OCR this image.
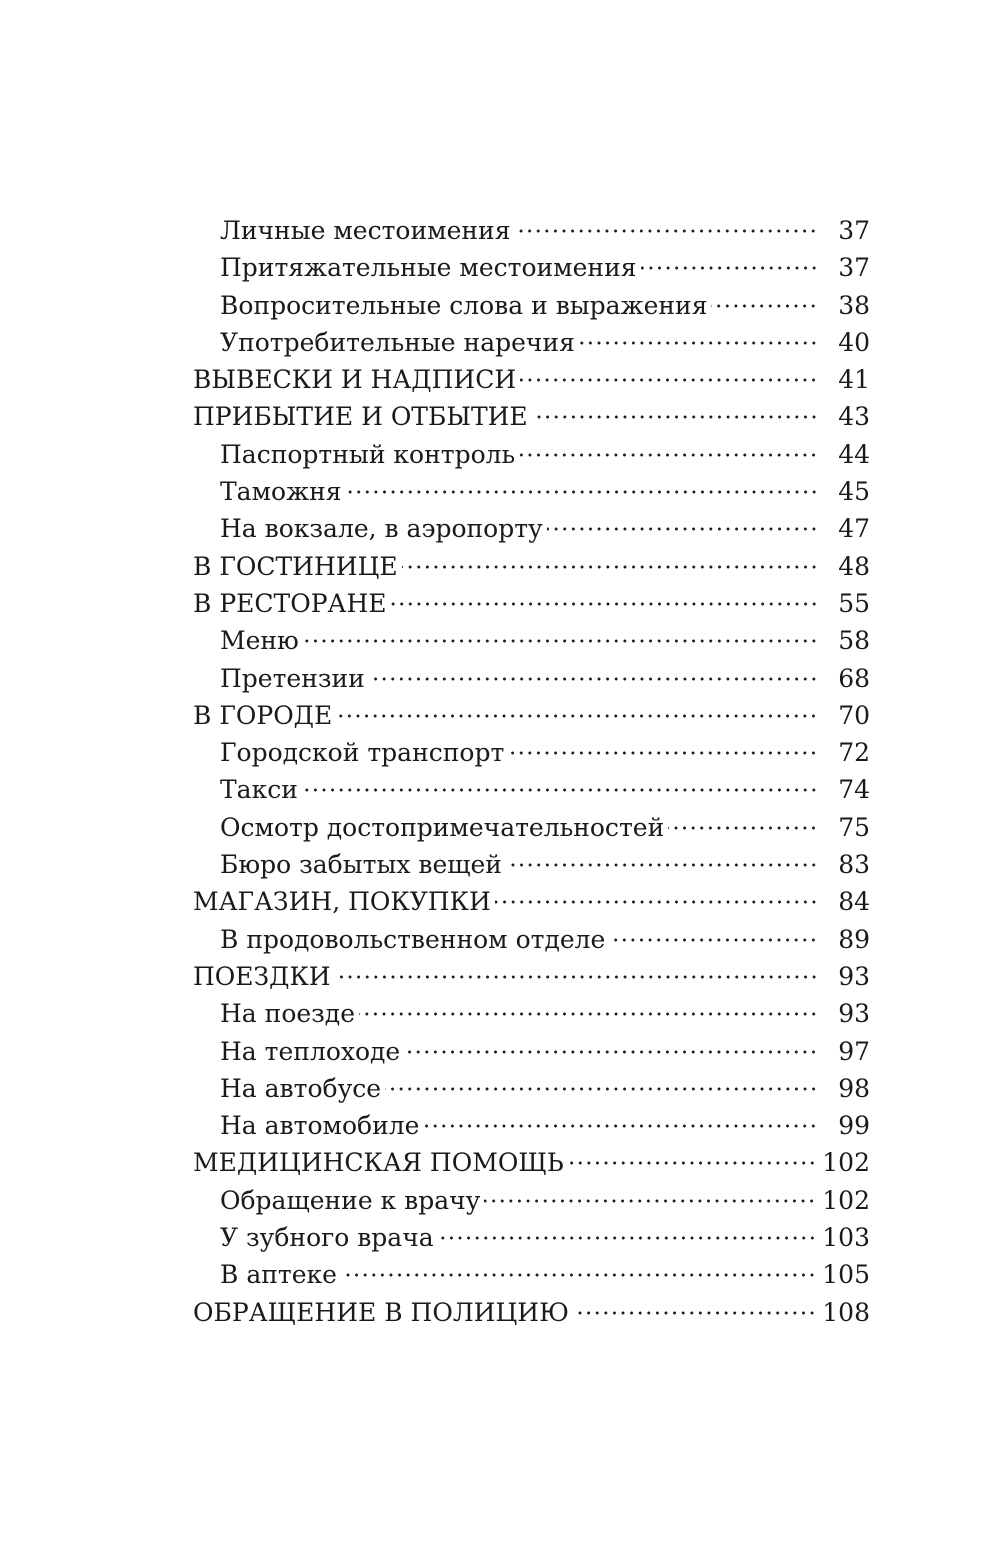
Личные местоимения	37
Притяжательные местоимения	37
Вопросительные слова и выражения	38
Употребительные наречия	40
ВЫВЕСКИ И НАДПИСИ	41
ПРИБЫТИЕ И ОТБЫТИЕ	43
Паспортный контроль	44
Таможня	45
На вокзале, в аэропорту	47
В ГОСТИНИЦЕ	48
В РЕСТОРАНЕ	55
Меню	58
Претензии	68
В ГОРОДЕ	70
Городской транспорт	72
Такси	74
Осмотр достопримечательностей	75
Бюро забытых вещей	83
МАГАЗИН, ПОКУПКИ	84
В продовольственном отделе	89
ПОЕЗДКИ	93
На поезде	93
На теплоходе	97
На автобусе	98
На автомобиле	99
МЕДИЦИНСКАЯ ПОМОЩЬ	102
Обращение к врачу	102
У зубного врача	103
В аптеке	105
ОБРАЩЕНИЕ В ПОЛИЦИЮ	108
